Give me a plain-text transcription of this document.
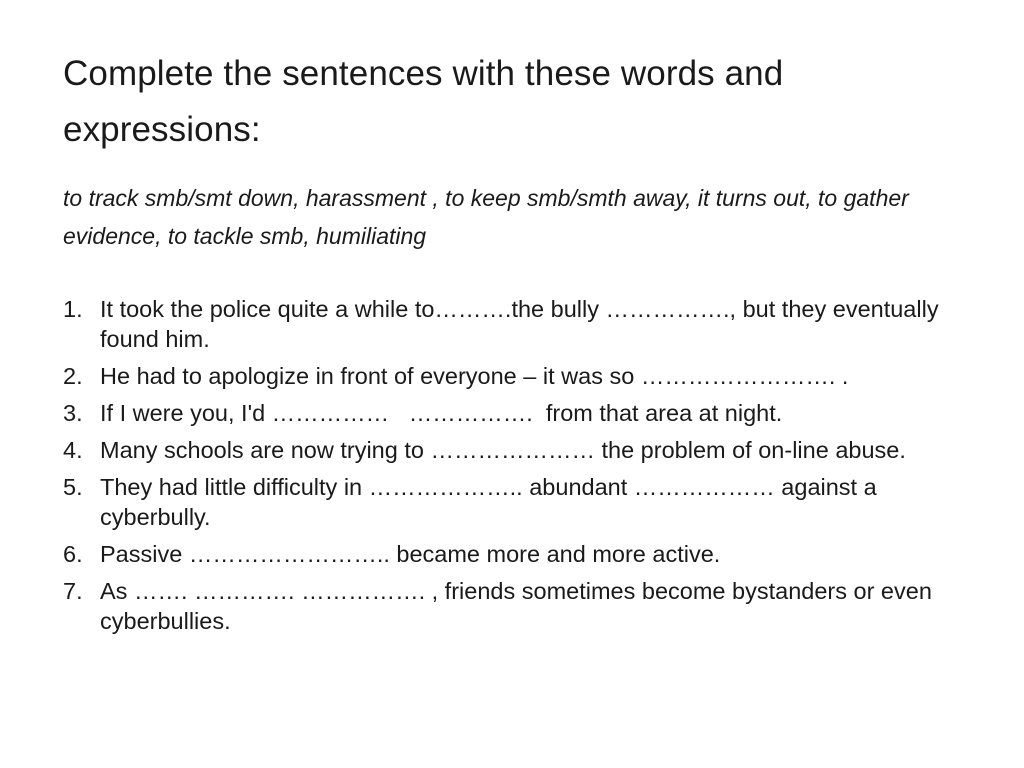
Complete the sentences with these words and expressions:

to track smb/smt down, harassment , to keep smb/smth away, it turns out, to gather evidence, to tackle smb, humiliating

1. It took the police quite a while to……….the bully ……………., but they eventually found him.
2. He had to apologize in front of everyone – it was so ……………………. .
3. If I were you, I'd ……………   …………….  from that area at night.
4. Many schools are now trying to ………………… the problem of on-line abuse.
5. They had little difficulty in ……………….. abundant ……………… against a cyberbully.
6. Passive …………………….. became more and more active.
7. As ……. …………. ……………. , friends sometimes become bystanders or even cyberbullies.
